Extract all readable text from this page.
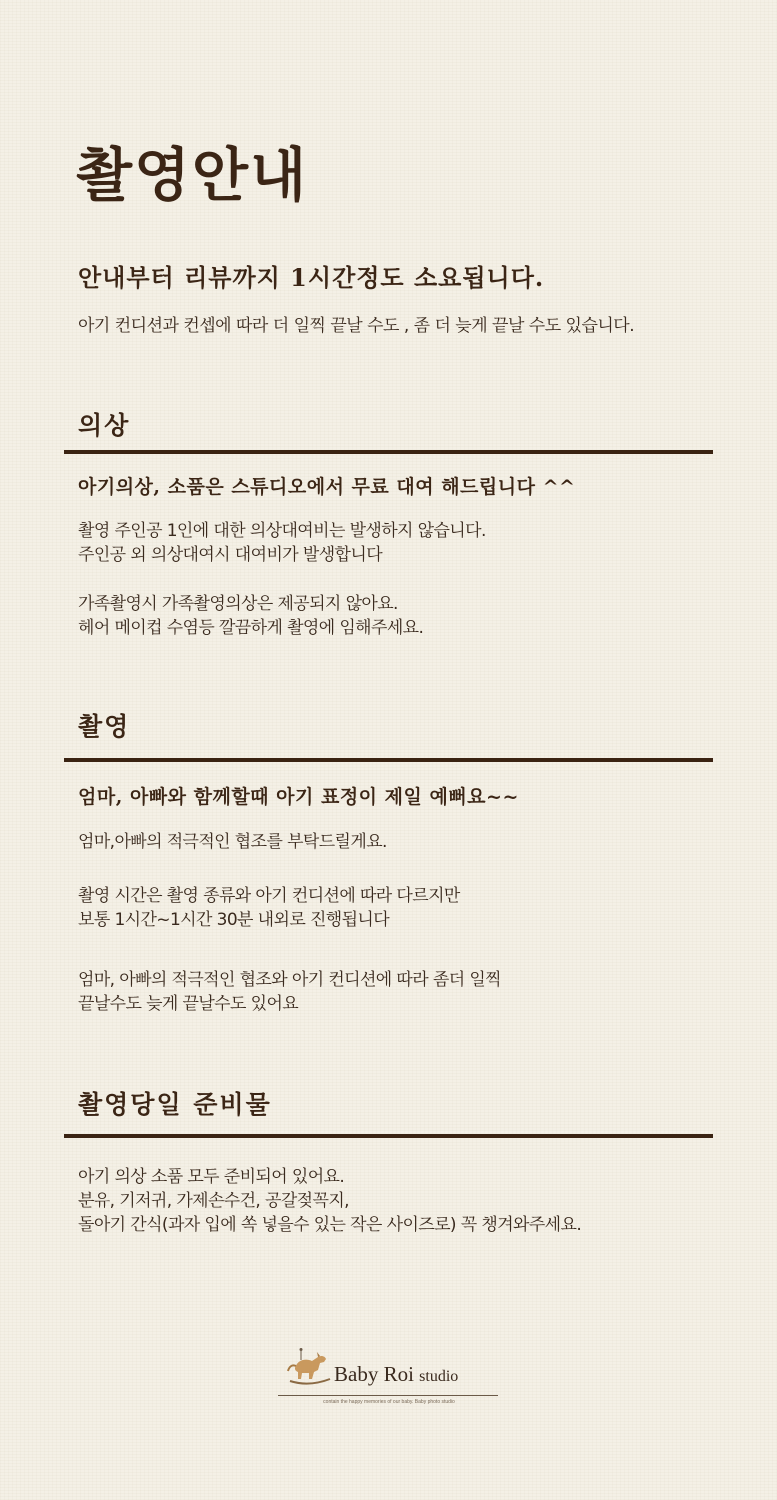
촬영안내
안내부터 리뷰까지 1시간정도 소요됩니다.

아기 컨디션과 컨셉에 따라 더 일찍 끝날 수도 , 좀 더 늦게 끝날 수도 있습니다.

의상
아기의상, 소품은 스튜디오에서 무료 대여 해드립니다 ^^

촬영 주인공 1인에 대한 의상대여비는 발생하지 않습니다.
주인공 외 의상대여시 대여비가 발생합니다

가족촬영시 가족촬영의상은 제공되지 않아요.
헤어 메이컵 수염등 깔끔하게 촬영에 임해주세요.

촬영
엄마, 아빠와 함께할때 아기 표정이 제일 예뻐요~~

엄마,아빠의 적극적인 협조를 부탁드릴게요.

촬영 시간은 촬영 종류와 아기 컨디션에 따라 다르지만
보통 1시간~1시간 30분 내외로 진행됩니다

엄마, 아빠의 적극적인 협조와 아기 컨디션에 따라 좀더 일찍
끝날수도 늦게 끝날수도 있어요

촬영당일 준비물

아기 의상 소품 모두 준비되어 있어요.
분유, 기저귀, 가제손수건, 공갈젖꼭지,
돌아기 간식(과자 입에 쏙 넣을수 있는 작은 사이즈로) 꼭 챙겨와주세요.

Baby Roi studio
contain the happy memories of our baby. Baby photo studio
